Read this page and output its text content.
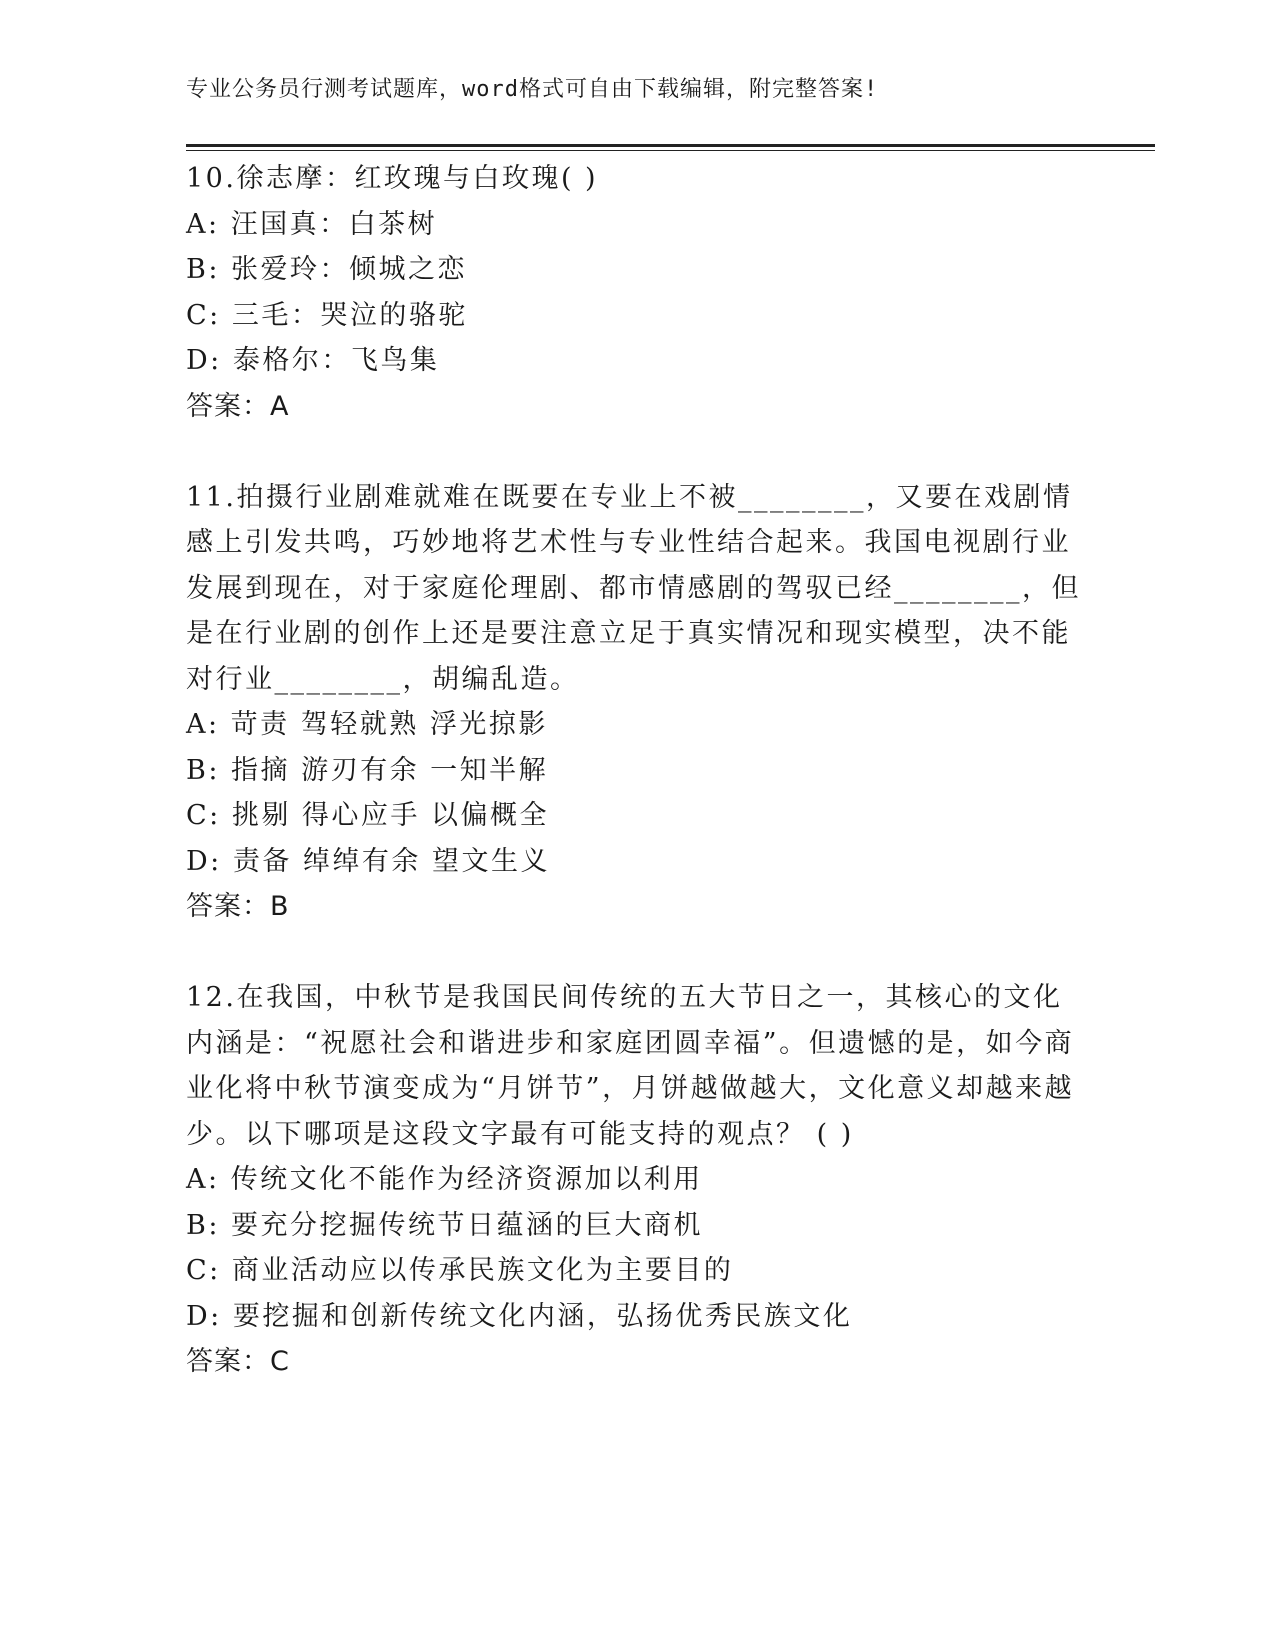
专业公务员行测考试题库，word格式可自由下载编辑，附完整答案!

10.徐志摩：红玫瑰与白玫瑰( )

A: 汪国真：白茶树

B: 张爱玲：倾城之恋

C: 三毛：哭泣的骆驼

D: 泰格尔：飞鸟集

答案：A

11.拍摄行业剧难就难在既要在专业上不被________，又要在戏剧情感上引发共鸣，巧妙地将艺术性与专业性结合起来。我国电视剧行业发展到现在，对于家庭伦理剧、都市情感剧的驾驭已经________，但是在行业剧的创作上还是要注意立足于真实情况和现实模型，决不能对行业________，胡编乱造。

A: 苛责 驾轻就熟 浮光掠影

B: 指摘 游刃有余 一知半解

C: 挑剔 得心应手 以偏概全

D: 责备 绰绰有余 望文生义

答案：B

12.在我国，中秋节是我国民间传统的五大节日之一，其核心的文化内涵是：“祝愿社会和谐进步和家庭团圆幸福”。但遗憾的是，如今商业化将中秋节演变成为“月饼节”，月饼越做越大，文化意义却越来越少。以下哪项是这段文字最有可能支持的观点？ ( )

A: 传统文化不能作为经济资源加以利用

B: 要充分挖掘传统节日蕴涵的巨大商机

C: 商业活动应以传承民族文化为主要目的

D: 要挖掘和创新传统文化内涵，弘扬优秀民族文化

答案：C
